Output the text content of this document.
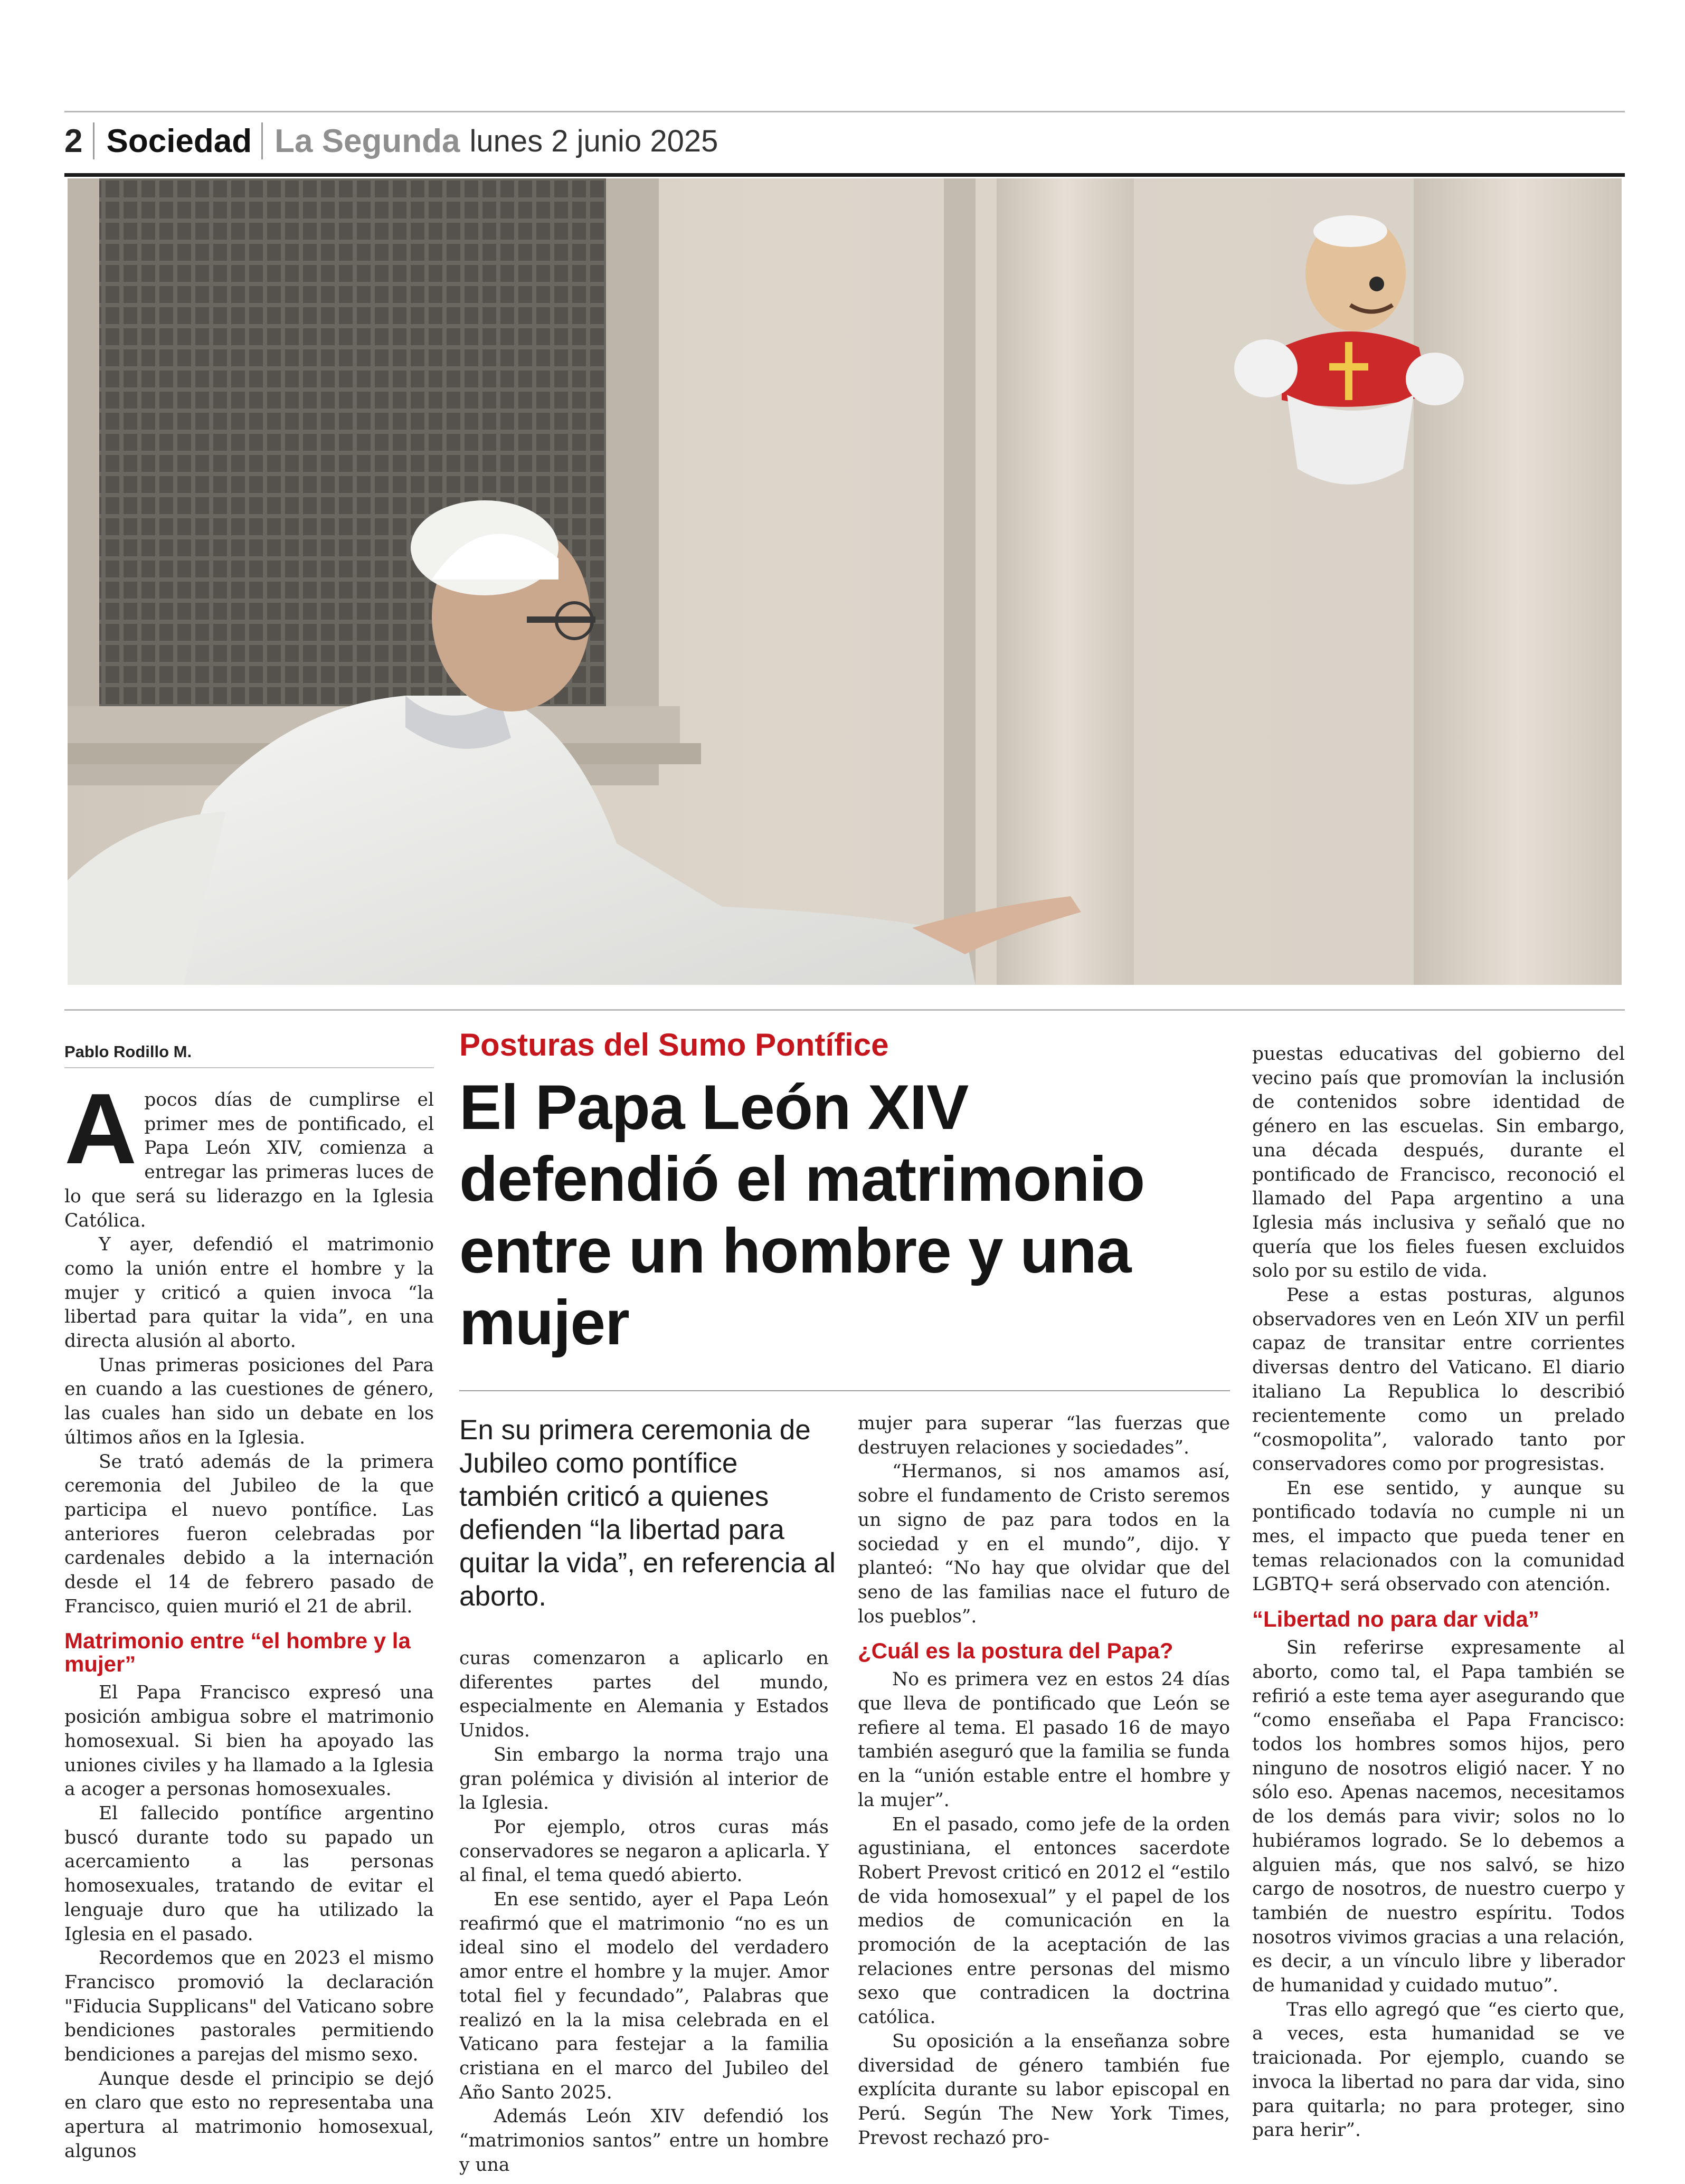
2 Sociedad La Segunda lunes 2 junio 2025
Pablo Rodillo M.

Apocos días de cumplirse el primer mes de pontificado, el Papa León XIV, comienza a entregar las primeras luces de lo que será su liderazgo en la Iglesia Católica.

Y ayer, defendió el matrimonio como la unión entre el hombre y la mujer y criticó a quien invoca “la libertad para quitar la vida”, en una directa alusión al aborto.

Unas primeras posiciones del Para en cuando a las cuestiones de género, las cuales han sido un debate en los últimos años en la Iglesia.

Se trató además de la primera ceremonia del Jubileo de la que participa el nuevo pontífice. Las anteriores fueron celebradas por cardenales debido a la internación desde el 14 de febrero pasado de Francisco, quien murió el 21 de abril.

Matrimonio entre “el hombre y la mujer”

El Papa Francisco expresó una posición ambigua sobre el matrimonio homosexual. Si bien ha apoyado las uniones civiles y ha llamado a la Iglesia a acoger a personas homosexuales.

El fallecido pontífice argentino buscó durante todo su papado un acercamiento a las personas homosexuales, tratando de evitar el lenguaje duro que ha utilizado la Iglesia en el pasado.

Recordemos que en 2023 el mismo Francisco promovió la declaración "Fiducia Supplicans" del Vaticano sobre bendiciones pastorales permitiendo bendiciones a parejas del mismo sexo.

Aunque desde el principio se dejó en claro que esto no representaba una apertura al matrimonio homosexual, algunos

Posturas del Sumo Pontífice
El Papa León XIV defendió el matrimonio entre un hombre y una mujer
En su primera ceremonia de Jubileo como pontífice también criticó a quienes defienden “la libertad para quitar la vida”, en referencia al aborto.

curas comenzaron a aplicarlo en diferentes partes del mundo, especialmente en Alemania y Estados Unidos.

Sin embargo la norma trajo una gran polémica y división al interior de la Iglesia.

Por ejemplo, otros curas más conservadores se negaron a aplicarla. Y al final, el tema quedó abierto.

En ese sentido, ayer el Papa León reafirmó que el matrimonio “no es un ideal sino el modelo del verdadero amor entre el hombre y la mujer. Amor total fiel y fecundado”, Palabras que realizó en la la misa celebrada en el Vaticano para festejar a la familia cristiana en el marco del Jubileo del Año Santo 2025.

Además León XIV defendió los “matrimonios santos” entre un hombre y una

mujer para superar “las fuerzas que destruyen relaciones y sociedades”.

“Hermanos, si nos amamos así, sobre el fundamento de Cristo seremos un signo de paz para todos en la sociedad y en el mundo”, dijo. Y planteó: “No hay que olvidar que del seno de las familias nace el futuro de los pueblos”.

¿Cuál es la postura del Papa?

No es primera vez en estos 24 días que lleva de pontificado que León se refiere al tema. El pasado 16 de mayo también aseguró que la familia se funda en la “unión estable entre el hombre y la mujer”.

En el pasado, como jefe de la orden agustiniana, el entonces sacerdote Robert Prevost criticó en 2012 el “estilo de vida homosexual” y el papel de los medios de comunicación en la promoción de la aceptación de las relaciones entre personas del mismo sexo que contradicen la doctrina católica.

Su oposición a la enseñanza sobre diversidad de género también fue explícita durante su labor episcopal en Perú. Según The New York Times, Prevost rechazó pro-

puestas educativas del gobierno del vecino país que promovían la inclusión de contenidos sobre identidad de género en las escuelas. Sin embargo, una década después, durante el pontificado de Francisco, reconoció el llamado del Papa argentino a una Iglesia más inclusiva y señaló que no quería que los fieles fuesen excluidos solo por su estilo de vida.

Pese a estas posturas, algunos observadores ven en León XIV un perfil capaz de transitar entre corrientes diversas dentro del Vaticano. El diario italiano La Republica lo describió recientemente como un prelado “cosmopolita”, valorado tanto por conservadores como por progresistas.

En ese sentido, y aunque su pontificado todavía no cumple ni un mes, el impacto que pueda tener en temas relacionados con la comunidad LGBTQ+ será observado con atención.

“Libertad no para dar vida”

Sin referirse expresamente al aborto, como tal, el Papa también se refirió a este tema ayer asegurando que “como enseñaba el Papa Francisco: todos los hombres somos hijos, pero ninguno de nosotros eligió nacer. Y no sólo eso. Apenas nacemos, necesitamos de los demás para vivir; solos no lo hubiéramos logrado. Se lo debemos a alguien más, que nos salvó, se hizo cargo de nosotros, de nuestro cuerpo y también de nuestro espíritu. Todos nosotros vivimos gracias a una relación, es decir, a un vínculo libre y liberador de humanidad y cuidado mutuo”.

Tras ello agregó que “es cierto que, a veces, esta humanidad se ve traicionada. Por ejemplo, cuando se invoca la libertad no para dar vida, sino para quitarla; no para proteger, sino para herir”.
